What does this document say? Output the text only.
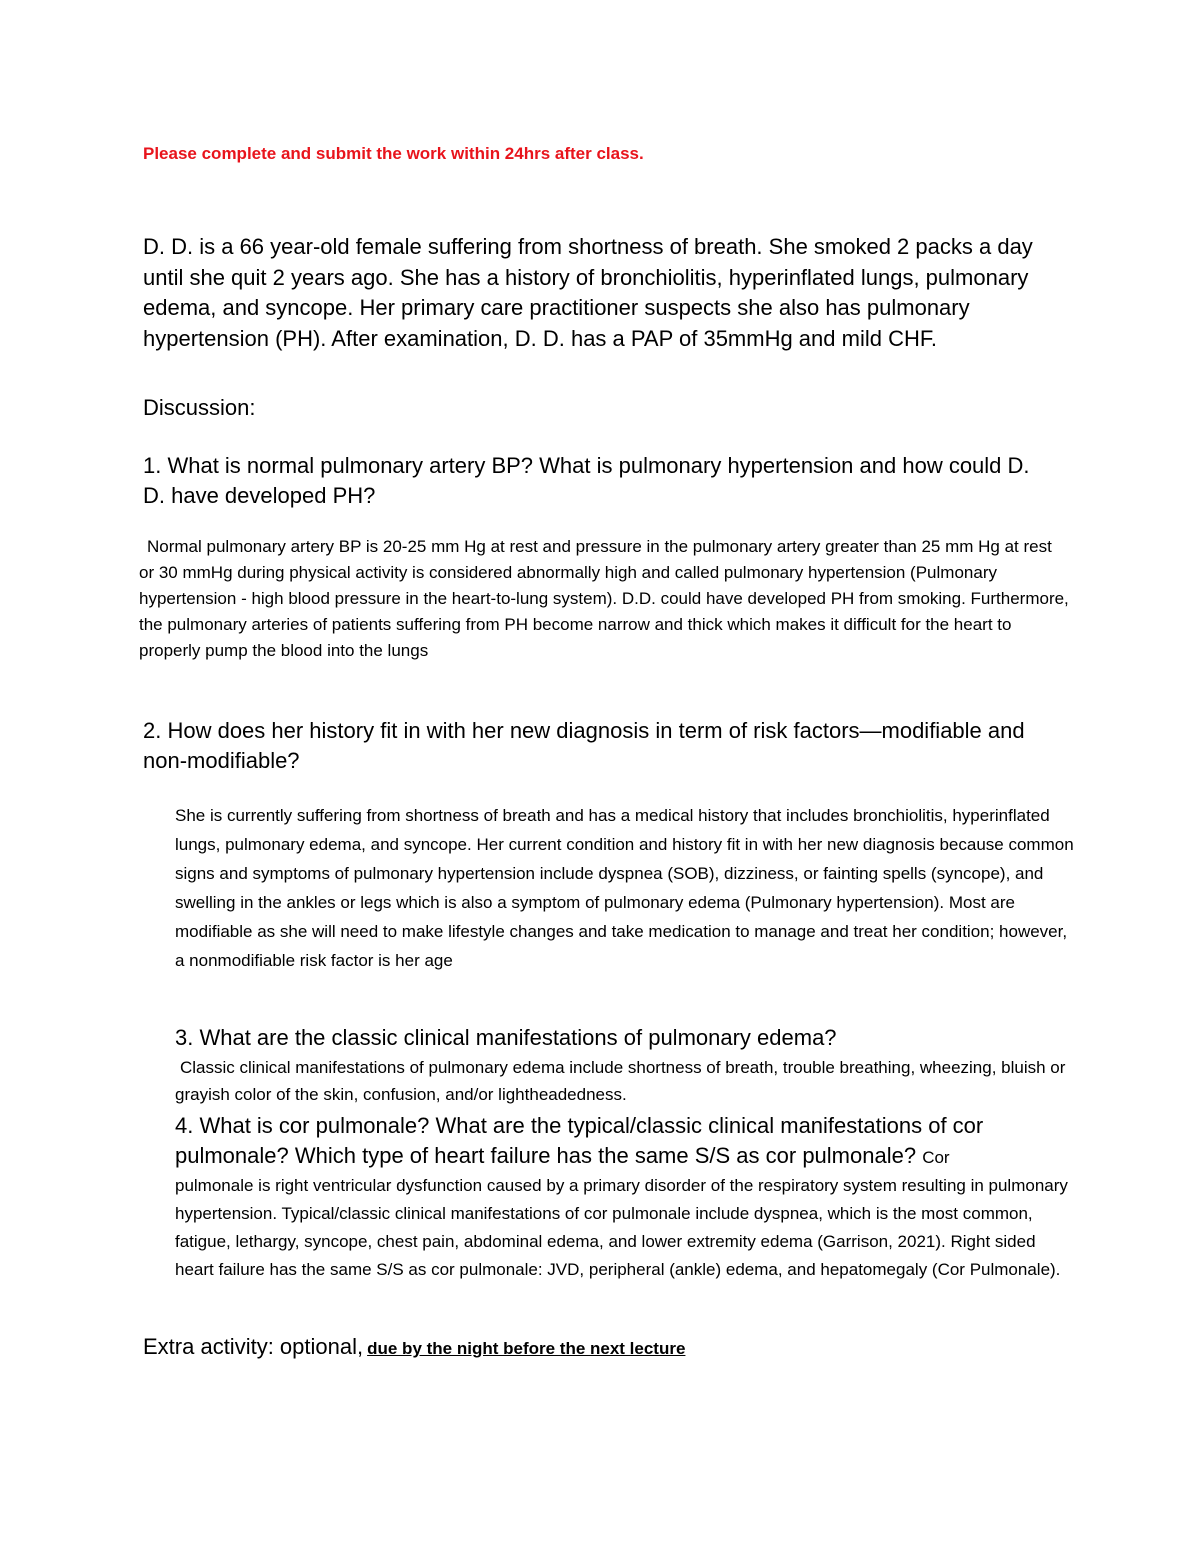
Please complete and submit the work within 24hrs after class.

D. D. is a 66 year-old female suffering from shortness of breath. She smoked 2 packs a day until she quit 2 years ago. She has a history of bronchiolitis, hyperinflated lungs, pulmonary edema, and syncope. Her primary care practitioner suspects she also has pulmonary hypertension (PH). After examination, D. D. has a PAP of 35mmHg and mild CHF.

Discussion:

1. What is normal pulmonary artery BP? What is pulmonary hypertension and how could D. D. have developed PH?

Normal pulmonary artery BP is 20-25 mm Hg at rest and pressure in the pulmonary artery greater than 25 mm Hg at rest or 30 mmHg during physical activity is considered abnormally high and called pulmonary hypertension (Pulmonary hypertension - high blood pressure in the heart-to-lung system). D.D. could have developed PH from smoking. Furthermore, the pulmonary arteries of patients suffering from PH become narrow and thick which makes it difficult for the heart to properly pump the blood into the lungs

2. How does her history fit in with her new diagnosis in term of risk factors—modifiable and non-modifiable?

She is currently suffering from shortness of breath and has a medical history that includes bronchiolitis, hyperinflated lungs, pulmonary edema, and syncope. Her current condition and history fit in with her new diagnosis because common signs and symptoms of pulmonary hypertension include dyspnea (SOB), dizziness, or fainting spells (syncope), and swelling in the ankles or legs which is also a symptom of pulmonary edema (Pulmonary hypertension). Most are modifiable as she will need to make lifestyle changes and take medication to manage and treat her condition; however, a nonmodifiable risk factor is her age

3. What are the classic clinical manifestations of pulmonary edema?

Classic clinical manifestations of pulmonary edema include shortness of breath, trouble breathing, wheezing, bluish or grayish color of the skin, confusion, and/or lightheadedness.

4. What is cor pulmonale? What are the typical/classic clinical manifestations of cor pulmonale? Which type of heart failure has the same S/S as cor pulmonale? Cor

pulmonale is right ventricular dysfunction caused by a primary disorder of the respiratory system resulting in pulmonary hypertension. Typical/classic clinical manifestations of cor pulmonale include dyspnea, which is the most common, fatigue, lethargy, syncope, chest pain, abdominal edema, and lower extremity edema (Garrison, 2021). Right sided heart failure has the same S/S as cor pulmonale: JVD, peripheral (ankle) edema, and hepatomegaly (Cor Pulmonale).

Extra activity: optional, due by the night before the next lecture
